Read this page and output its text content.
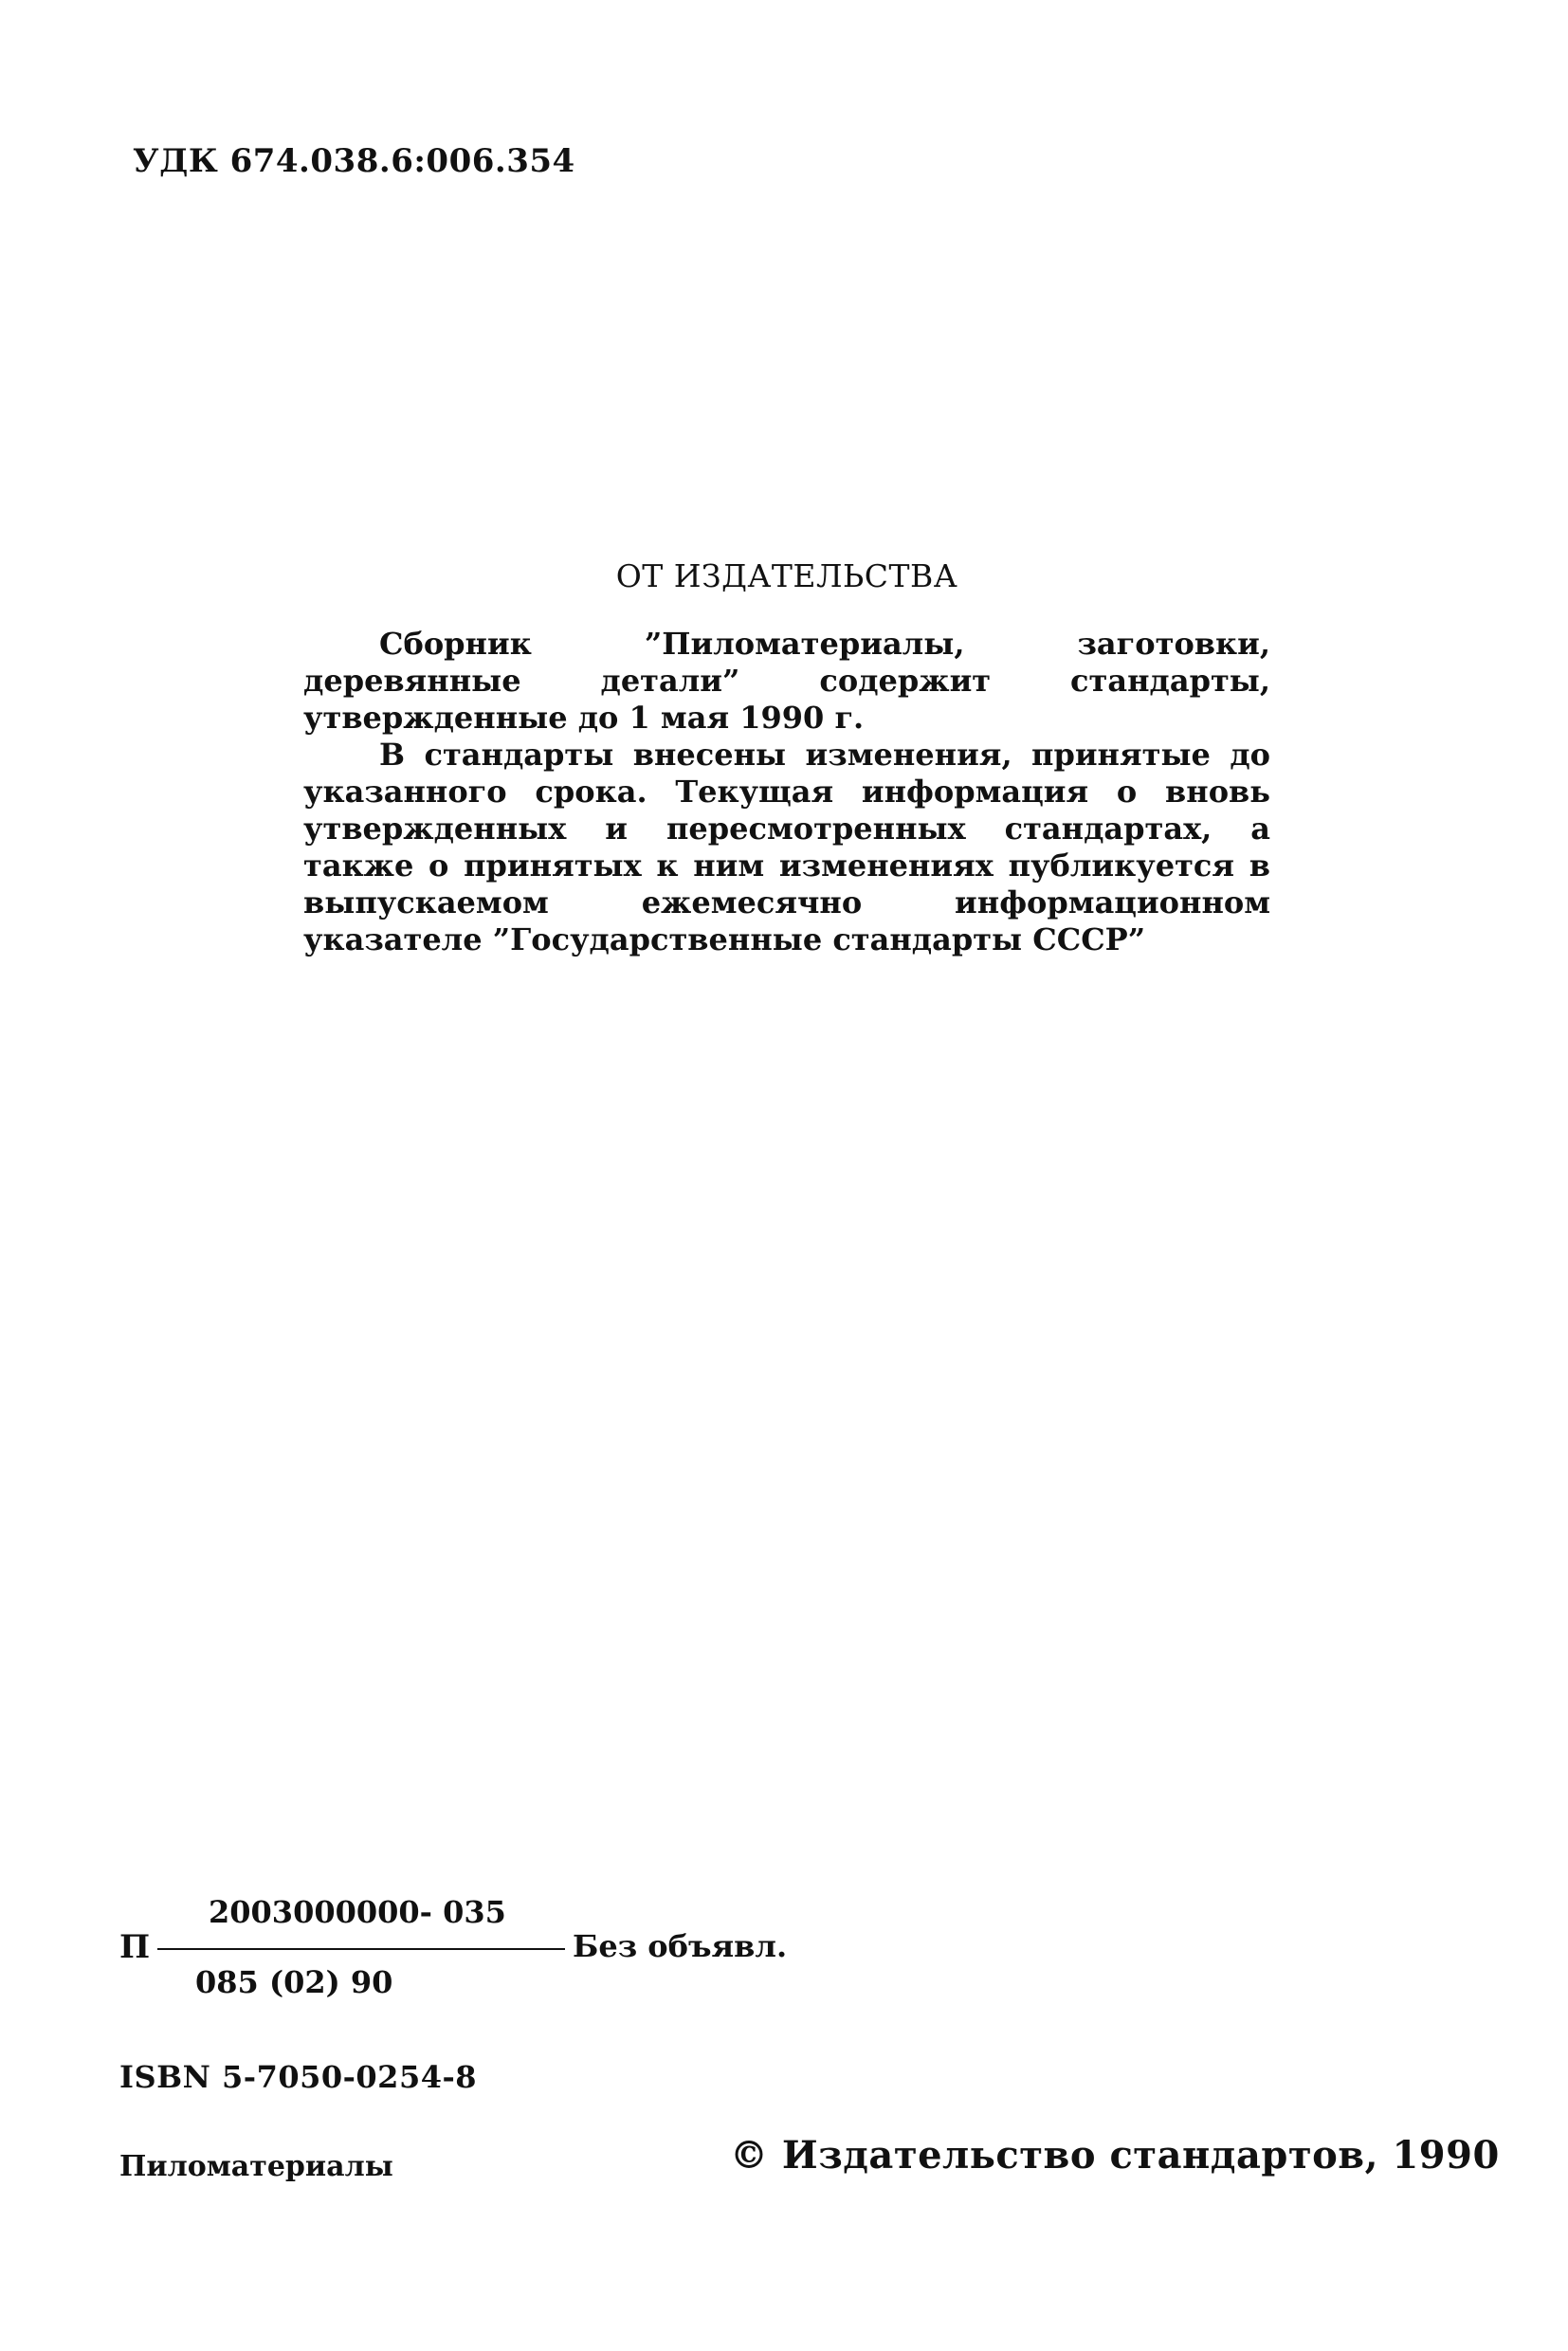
УДК 674.038.6:006.354
ОТ ИЗДАТЕЛЬСТВА

Сборник ”Пиломатериалы, заготовки, деревянные детали” содержит стандарты, утвержденные до 1 мая 1990 г.

В стандарты внесены изменения, принятые до указанного срока. Текущая информация о вновь утвержденных и пересмотренных стандартах, а также о принятых к ним изменениях публикуется в выпускаемом ежемесячно информационном указателе ”Государственные стандарты СССР”

П
2003000000- 035
085 (02) 90
Без объявл.
ISBN 5-7050-0254-8
Пиломатериалы	© Издательство стандартов, 1990
